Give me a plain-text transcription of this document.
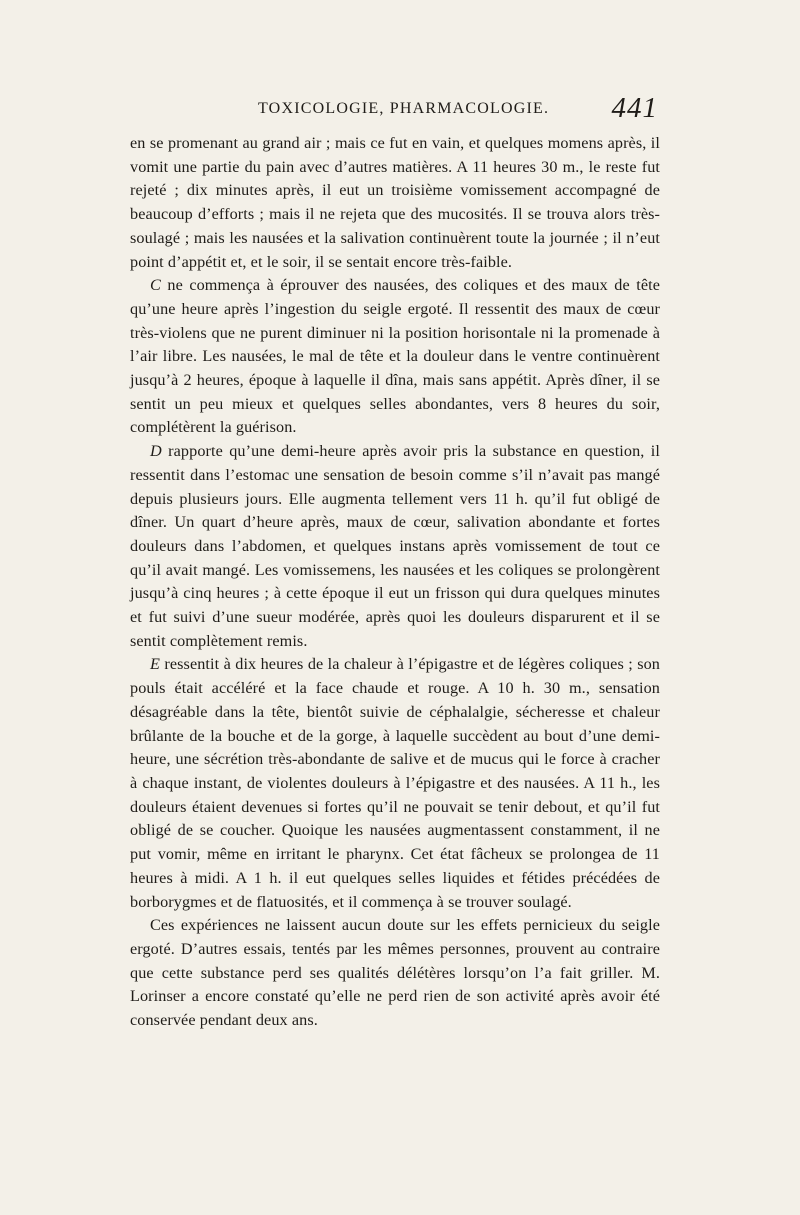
TOXICOLOGIE, PHARMACOLOGIE. 441

en se promenant au grand air ; mais ce fut en vain, et quelques momens après, il vomit une partie du pain avec d’autres matières. A 11 heures 30 m., le reste fut rejeté ; dix minutes après, il eut un troisième vomissement accompagné de beaucoup d’efforts ; mais il ne rejeta que des mucosités. Il se trouva alors très-soulagé ; mais les nausées et la salivation continuèrent toute la journée ; il n’eut point d’appétit et, et le soir, il se sentait encore très-faible.

C ne commença à éprouver des nausées, des coliques et des maux de tête qu’une heure après l’ingestion du seigle ergoté. Il ressentit des maux de cœur très-violens que ne purent diminuer ni la position horisontale ni la promenade à l’air libre. Les nausées, le mal de tête et la douleur dans le ventre continuèrent jusqu’à 2 heures, époque à laquelle il dîna, mais sans appétit. Après dîner, il se sentit un peu mieux et quelques selles abondantes, vers 8 heures du soir, complétèrent la guérison.

D rapporte qu’une demi-heure après avoir pris la substance en question, il ressentit dans l’estomac une sensation de besoin comme s’il n’avait pas mangé depuis plusieurs jours. Elle augmenta tellement vers 11 h. qu’il fut obligé de dîner. Un quart d’heure après, maux de cœur, salivation abondante et fortes douleurs dans l’abdomen, et quelques instans après vomissement de tout ce qu’il avait mangé. Les vomissemens, les nausées et les coliques se prolongèrent jusqu’à cinq heures ; à cette époque il eut un frisson qui dura quelques minutes et fut suivi d’une sueur modérée, après quoi les douleurs disparurent et il se sentit complètement remis.

E ressentit à dix heures de la chaleur à l’épigastre et de légères coliques ; son pouls était accéléré et la face chaude et rouge. A 10 h. 30 m., sensation désagréable dans la tête, bientôt suivie de céphalalgie, sécheresse et chaleur brûlante de la bouche et de la gorge, à laquelle succèdent au bout d’une demi-heure, une sécrétion très-abondante de salive et de mucus qui le force à cracher à chaque instant, de violentes douleurs à l’épigastre et des nausées. A 11 h., les douleurs étaient devenues si fortes qu’il ne pouvait se tenir debout, et qu’il fut obligé de se coucher. Quoique les nausées augmentassent constamment, il ne put vomir, même en irritant le pharynx. Cet état fâcheux se prolongea de 11 heures à midi. A 1 h. il eut quelques selles liquides et fétides précédées de borborygmes et de flatuosités, et il commença à se trouver soulagé.

Ces expériences ne laissent aucun doute sur les effets pernicieux du seigle ergoté. D’autres essais, tentés par les mêmes personnes, prouvent au contraire que cette substance perd ses qualités délétères lorsqu’on l’a fait griller. M. Lorinser a encore constaté qu’elle ne perd rien de son activité après avoir été conservée pendant deux ans.
